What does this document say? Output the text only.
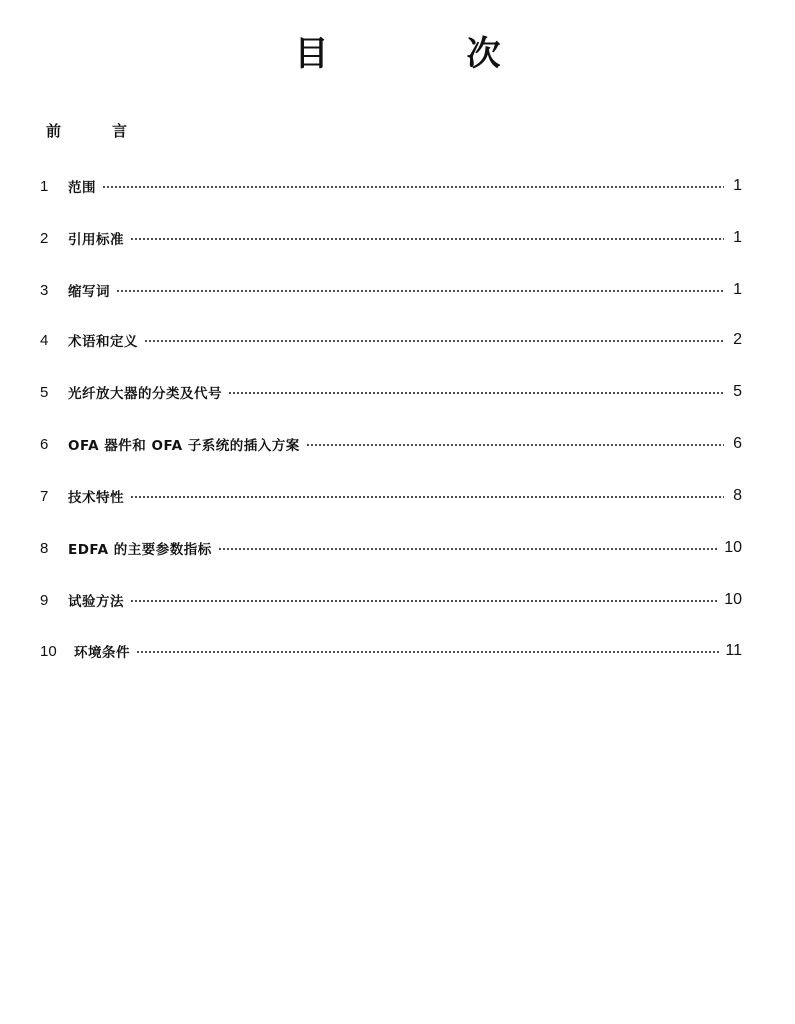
目　次
前　言
1	范围	1
2	引用标准	1
3	缩写词	1
4	术语和定义	2
5	光纤放大器的分类及代号	5
6	OFA 器件和 OFA 子系统的插入方案	6
7	技术特性	8
8	EDFA 的主要参数指标	10
9	试验方法	10
10	环境条件	11
